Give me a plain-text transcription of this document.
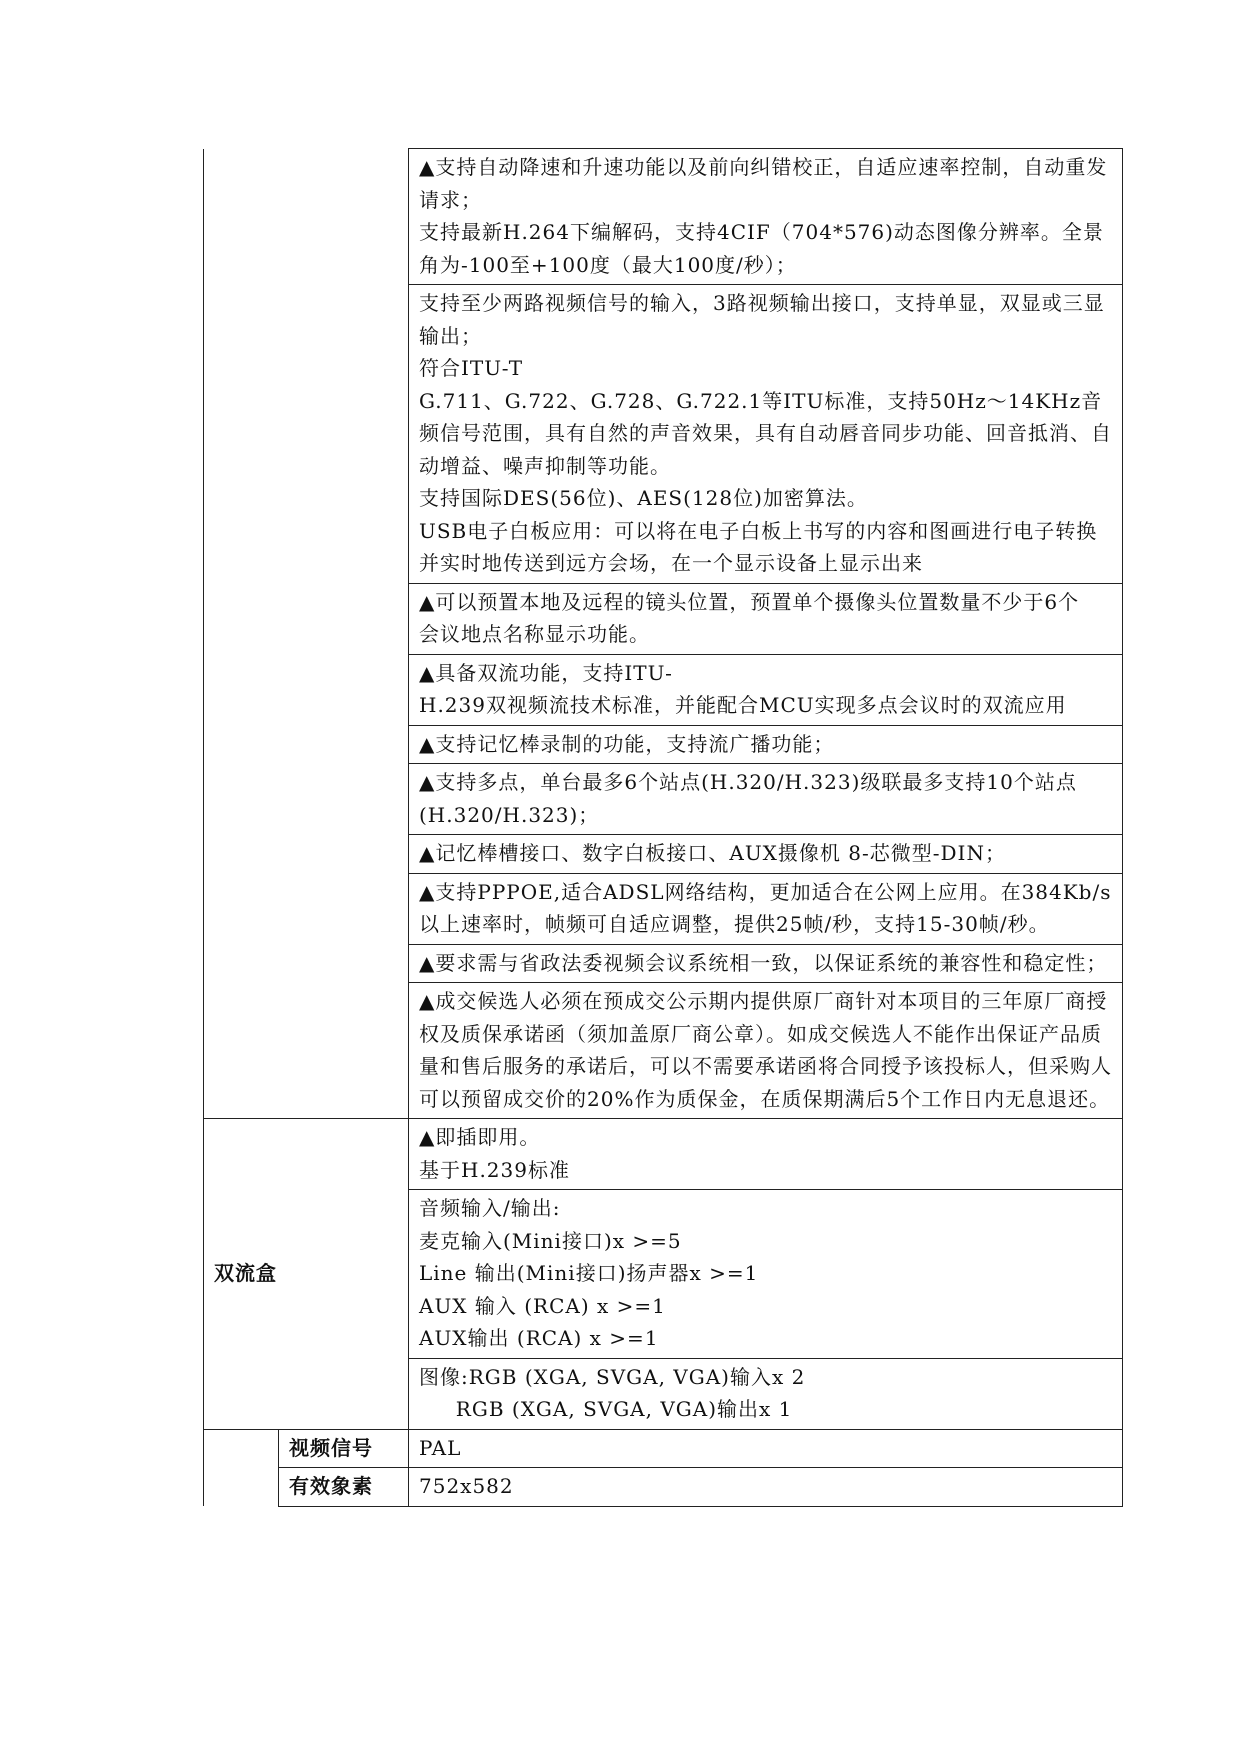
		▲支持自动降速和升速功能以及前向纠错校正，自适应速率控制，自动重发请求；
支持最新H.264下编解码，支持4CIF（704*576)动态图像分辨率。全景角为-100至+100度（最大100度/秒）；

		支持至少两路视频信号的输入，3路视频输出接口，支持单显，双显或三显输出；
符合ITU-T
G.711、G.722、G.728、G.722.1等ITU标准，支持50Hz～14KHz音频信号范围，具有自然的声音效果，具有自动唇音同步功能、回音抵消、自动增益、噪声抑制等功能。
支持国际DES(56位)、AES(128位)加密算法。
USB电子白板应用：可以将在电子白板上书写的内容和图画进行电子转换并实时地传送到远方会场，在一个显示设备上显示出来

		▲可以预置本地及远程的镜头位置，预置单个摄像头位置数量不少于6个
会议地点名称显示功能。

		▲具备双流功能，支持ITU-
H.239双视频流技术标准，并能配合MCU实现多点会议时的双流应用

		▲支持记忆棒录制的功能，支持流广播功能；

		▲支持多点，单台最多6个站点(H.320/H.323)级联最多支持10个站点(H.320/H.323)；

		▲记忆棒槽接口、数字白板接口、AUX摄像机 8-芯微型-DIN；

		▲支持PPPOE,适合ADSL网络结构，更加适合在公网上应用。在384Kb/s以上速率时，帧频可自适应调整，提供25帧/秒，支持15-30帧/秒。

		▲要求需与省政法委视频会议系统相一致，以保证系统的兼容性和稳定性；

		▲成交候选人必须在预成交公示期内提供原厂商针对本项目的三年原厂商授权及质保承诺函（须加盖原厂商公章）。如成交候选人不能作出保证产品质量和售后服务的承诺后，可以不需要承诺函将合同授予该投标人，但采购人可以预留成交价的20%作为质保金，在质保期满后5个工作日内无息退还。

双流盒		▲即插即用。
基于H.239标准

		音频输入/输出:
麦克输入(Mini接口)x >=5
Line 输出(Mini接口)扬声器x >=1
AUX 输入 (RCA) x >=1
AUX输出 (RCA) x >=1

		图像:RGB (XGA, SVGA, VGA)输入x 2
RGB (XGA, SVGA, VGA)输出x 1

	视频信号	PAL
	有效象素	752x582
